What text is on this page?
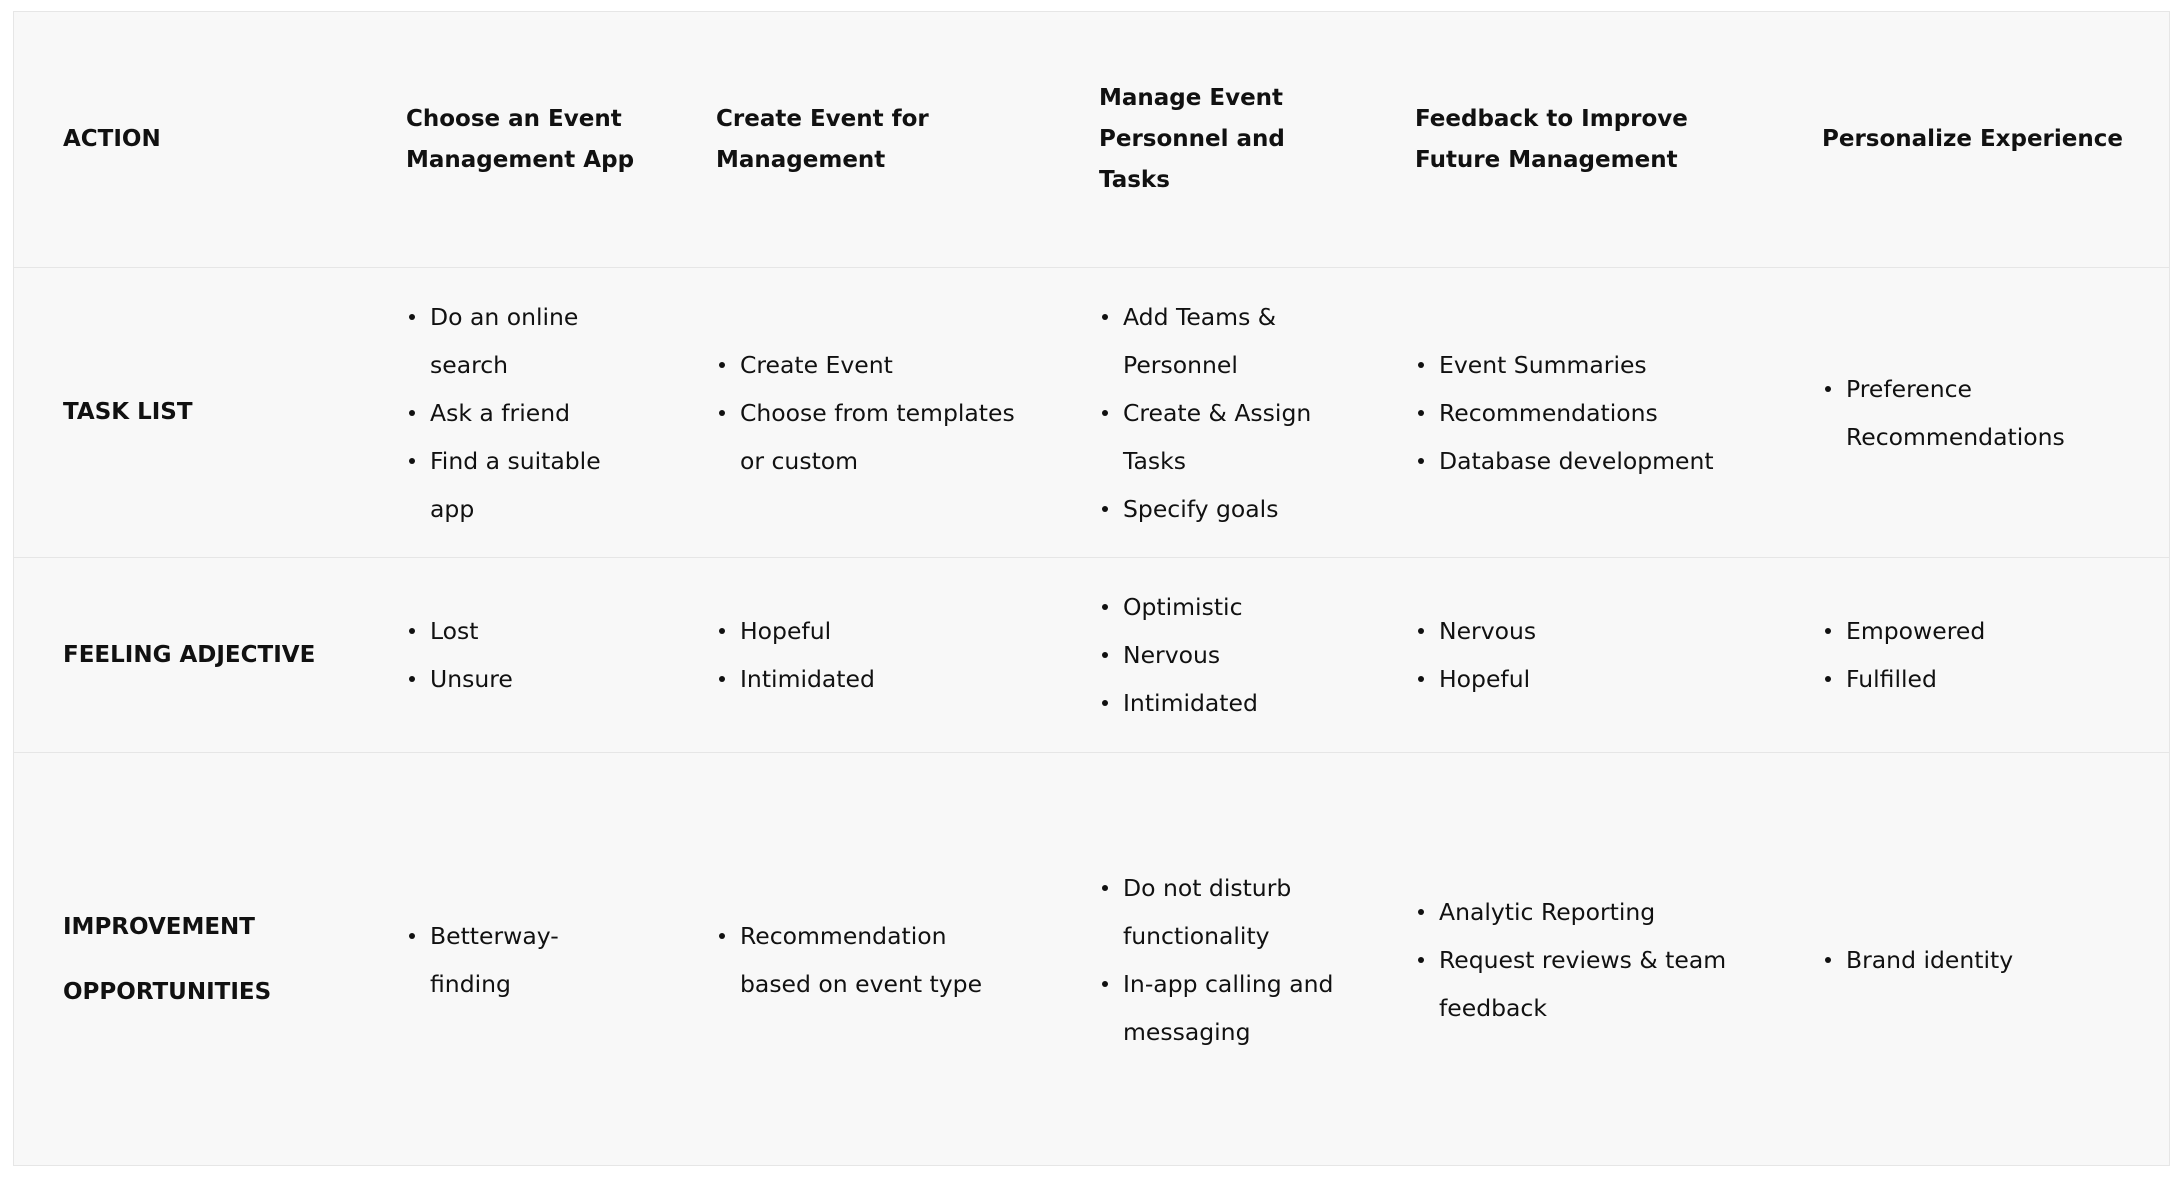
ACTION

Choose an Event Management App

Create Event for Management

Manage Event Personnel and Tasks

Feedback to Improve Future Management

Personalize Experience

TASK LIST

Do an online search
Ask a friend
Find a suitable app
Create Event
Choose from templates or custom
Add Teams & Personnel
Create & Assign Tasks
Specify goals
Event Summaries
Recommendations
Database development
Preference Recommendations

FEELING ADJECTIVE

Lost
Unsure
Hopeful
Intimidated
Optimistic
Nervous
Intimidated
Nervous
Hopeful
Empowered
Fulfilled

IMPROVEMENT OPPORTUNITIES

Betterway-finding
Recommendation based on event type
Do not disturb functionality
In-app calling and messaging
Analytic Reporting
Request reviews & team feedback
Brand identity
